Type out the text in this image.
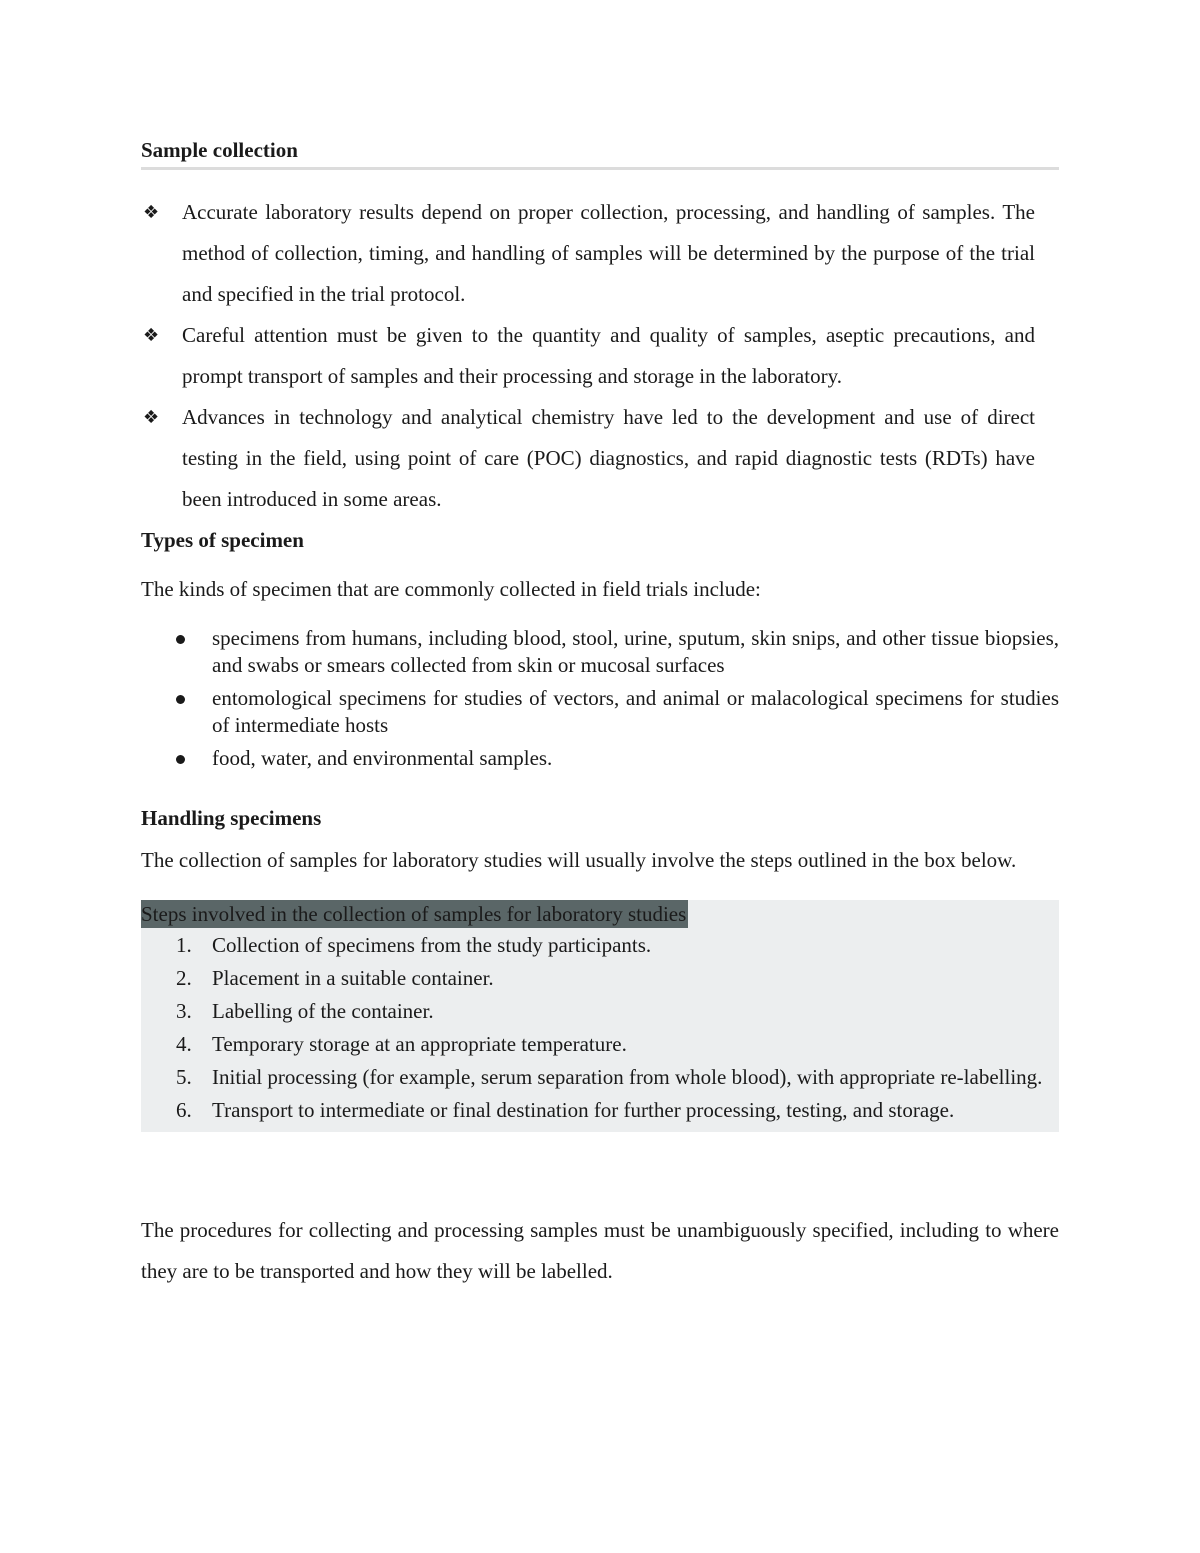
Sample collection
❖ Accurate laboratory results depend on proper collection, processing, and handling of samples. The method of collection, timing, and handling of samples will be determined by the purpose of the trial and specified in the trial protocol.
❖ Careful attention must be given to the quantity and quality of samples, aseptic precautions, and prompt transport of samples and their processing and storage in the laboratory.
❖ Advances in technology and analytical chemistry have led to the development and use of direct testing in the field, using point of care (POC) diagnostics, and rapid diagnostic tests (RDTs) have been introduced in some areas.
Types of specimen

The kinds of specimen that are commonly collected in field trials include:

specimens from humans, including blood, stool, urine, sputum, skin snips, and other tissue biopsies, and swabs or smears collected from skin or mucosal surfaces
entomological specimens for studies of vectors, and animal or malacological specimens for studies of intermediate hosts
food, water, and environmental samples.
Handling specimens

The collection of samples for laboratory studies will usually involve the steps outlined in the box below.

Steps involved in the collection of samples for laboratory studies
1. Collection of specimens from the study participants.
2. Placement in a suitable container.
3. Labelling of the container.
4. Temporary storage at an appropriate temperature.
5. Initial processing (for example, serum separation from whole blood), with appropriate re-labelling.
6. Transport to intermediate or final destination for further processing, testing, and storage.

The procedures for collecting and processing samples must be unambiguously specified, including to where they are to be transported and how they will be labelled.
